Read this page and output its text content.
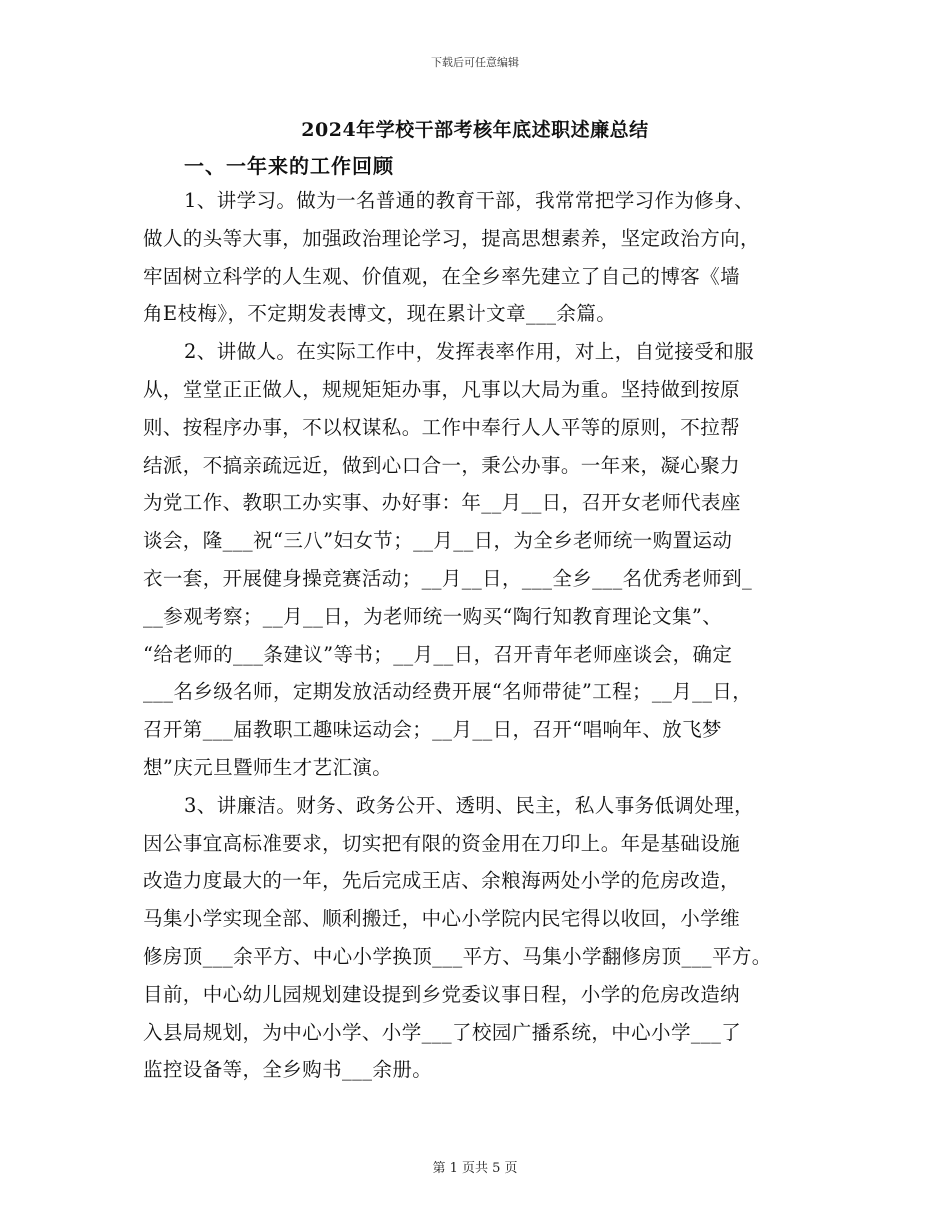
下载后可任意编辑
2024年学校干部考核年底述职述廉总结
一、一年来的工作回顾
1、讲学习。做为一名普通的教育干部，我常常把学习作为修身、
做人的头等大事，加强政治理论学习，提高思想素养，坚定政治方向，
牢固树立科学的人生观、价值观，在全乡率先建立了自己的博客《墙
角E枝梅》，不定期发表博文，现在累计文章___余篇。
2、讲做人。在实际工作中，发挥表率作用，对上，自觉接受和服
从，堂堂正正做人，规规矩矩办事，凡事以大局为重。坚持做到按原
则、按程序办事，不以权谋私。工作中奉行人人平等的原则，不拉帮
结派，不搞亲疏远近，做到心口合一，秉公办事。一年来，凝心聚力
为党工作、教职工办实事、办好事：年__月__日，召开女老师代表座
谈会，隆___祝“三八”妇女节；__月__日，为全乡老师统一购置运动
衣一套，开展健身操竞赛活动；__月__日，___全乡___名优秀老师到_
__参观考察；__月__日，为老师统一购买“陶行知教育理论文集”、
“给老师的___条建议”等书；__月__日，召开青年老师座谈会，确定
___名乡级名师，定期发放活动经费开展“名师带徒”工程；__月__日，
召开第___届教职工趣味运动会；__月__日，召开“唱响年、放飞梦
想”庆元旦暨师生才艺汇演。
3、讲廉洁。财务、政务公开、透明、民主，私人事务低调处理，
因公事宜高标准要求，切实把有限的资金用在刀印上。年是基础设施
改造力度最大的一年，先后完成王店、余粮海两处小学的危房改造，
马集小学实现全部、顺利搬迁，中心小学院内民宅得以收回，小学维
修房顶___余平方、中心小学换顶___平方、马集小学翻修房顶___平方。
目前，中心幼儿园规划建设提到乡党委议事日程，小学的危房改造纳
入县局规划，为中心小学、小学___了校园广播系统，中心小学___了
监控设备等，全乡购书___余册。
第 1 页共 5 页
